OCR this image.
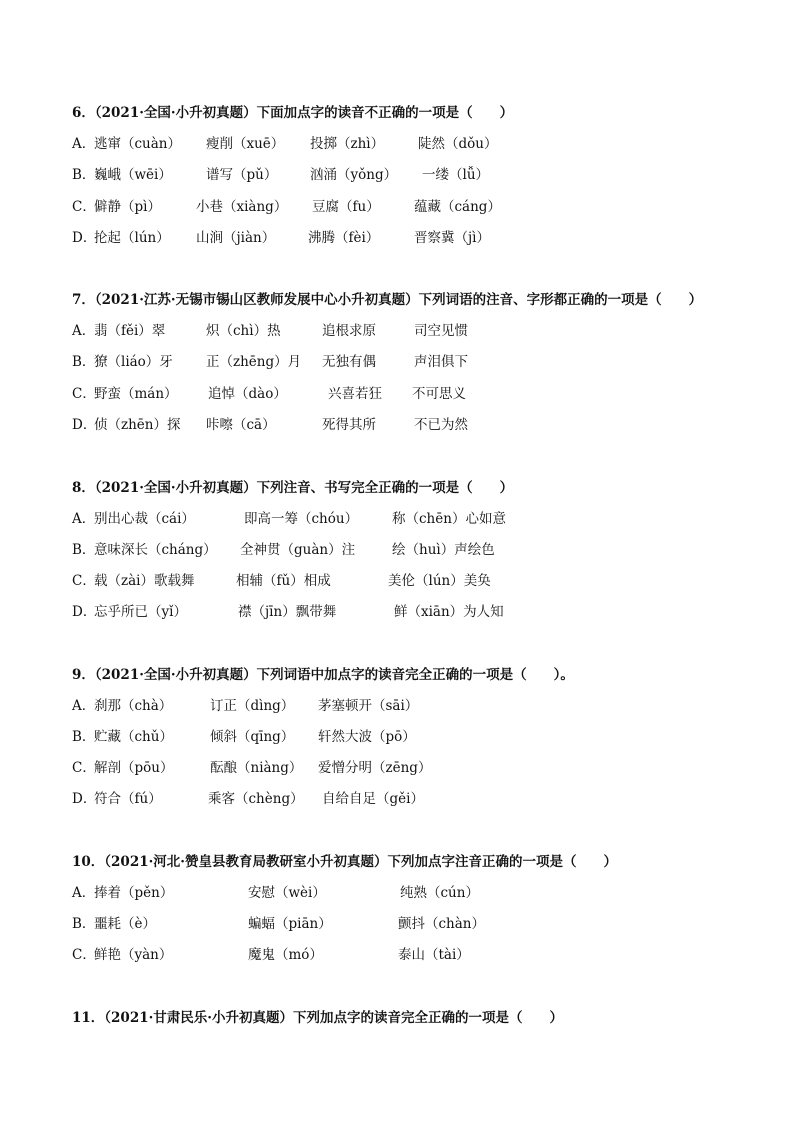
6．（2021·全国·小升初真题）下面加点字的读音不正确的一项是（　　）
A．
逃窜（cuàn） 瘦削（xuē） 投掷（zhì）	陡然（dǒu）
B．
巍峨（wēi）	谱写（pǔ） 汹涌（yǒng） 一缕（lǚ）
C．
僻静（pì）	小巷（xiàng） 豆腐（fu）	蕴藏（cáng）
D．
抡起（lún） 山涧（jiàn） 沸腾（fèi）	晋察冀（jì）
7．（2021·江苏·无锡市锡山区教师发展中心小升初真题）下列词语的注音、字形都正确的一项是（　　）
A．
翡（fěi）翠	炽（chì）热	追根求原	司空见惯
B．
獠（liáo）牙 正（zhēng）月 无独有偶	声泪俱下
C．
野蛮（mán） 追悼（dào）	兴喜若狂 不可思义
D．
侦（zhēn）探 咔嚓（cā）	死得其所	不已为然
8．（2021·全国·小升初真题）下列注音、书写完全正确的一项是（　　）
A．
别出心裁（cái）	即高一筹（chóu）	称（chēn）心如意
B．
意味深长（cháng） 全神贯（guàn）注	绘（huì）声绘色
C．
载（zài）歌载舞	相辅（fǔ）相成	美伦（lún）美奂
D．
忘乎所已（yǐ）	襟（jīn）飘带舞	鲜（xiān）为人知
9．（2021·全国·小升初真题）下列词语中加点字的读音完全正确的一项是（　　）。
A．
刹那（chà）	订正（dìng） 茅塞顿开（sāi）
B．
贮藏（chǔ）	倾斜（qīng） 轩然大波（pō）
C．
解剖（pōu）	酝酿（niàng） 爱憎分明（zēng）
D．
符合（fú）	乘客（chèng） 自给自足（gěi）
10．（2021·河北·赞皇县教育局教研室小升初真题）下列加点字注音正确的一项是（　　）
A．
捧着（pěn）	安慰（wèi）	纯熟（cún）
B．
噩耗（è）	蝙蝠（piān）	颤抖（chàn）
C．
鲜艳（yàn）	魔鬼（mó）	泰山（tài）
11．（2021·甘肃民乐·小升初真题）下列加点字的读音完全正确的一项是（　　）
